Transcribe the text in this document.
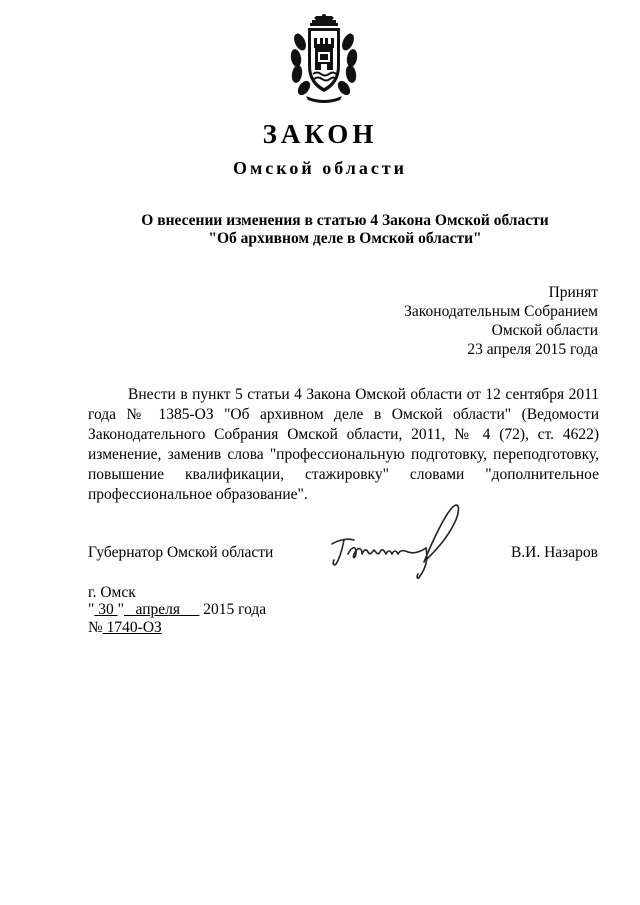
ЗАКОН
Омской области
О внесении изменения в статью 4 Закона Омской области
"Об архивном деле в Омской области"
Принят
Законодательным Собранием
Омской области
23 апреля 2015 года

Внести в пункт 5 статьи 4 Закона Омской области от 12 сентября 2011 года № 1385-ОЗ "Об архивном деле в Омской области" (Ведомости Законодательного Собрания Омской области, 2011, № 4 (72), ст. 4622) изменение, заменив слова "профессиональную подготовку, переподготовку, повышение квалификации, стажировку" словами "дополнительное профессиональное образование".

Губернатор Омской области	В.И. Назаров
г. Омск
" 30 "   апреля      2015 года
№ 1740-ОЗ
